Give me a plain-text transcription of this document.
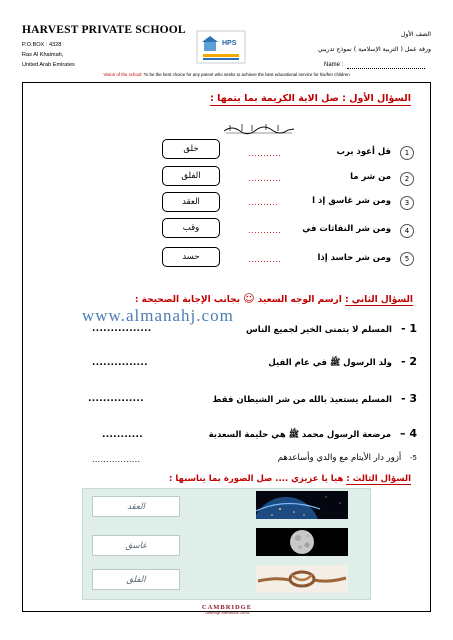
HARVEST PRIVATE SCHOOL
P.O.BOX : 4328
Ras Al Khaimah,
United Arab Emirates
HPS
الصف الأول
ورقة عمل ( التربية الإسلامية ) نموذج تدريبي
Name :
Vision of the school: To be the best choice for any parent who seeks to achieve the best educational service for his/her children
السؤال الأول : صل الاية الكريمة بما يتمها :
1
قل أعوذ برب
...........
خلق
2
من شر ما
...........
الفلق
3
ومن شر غاسق إذ ا
..........
العقد
4
ومن شر النفاثات في
...........
وقب
5
ومن شر حاسد إذا
...........
حسد
السؤال الثاني : ارسم الوجه السعيد ☺ بجانب الإجابة الصحيحة :
www.almanahj.com
1 - المسلم لا يتمنى الخير لجميع الناس
................
2 - ولد الرسول ﷺ في عام الفيل
...............
3 - المسلم يستعيذ بالله من شر الشيطان فقط
...............
4 – مرضعة الرسول محمد ﷺ هي حليمة السعدية
...........
5- أزور دار الأيتام مع والدي وأساعدهم
.................
السؤال الثالث : هيا يا عزيزي .... صل الصورة بما يناسبها :
العقد
غاسق
الفلق
CAMBRIDGE
Cambridge International School
